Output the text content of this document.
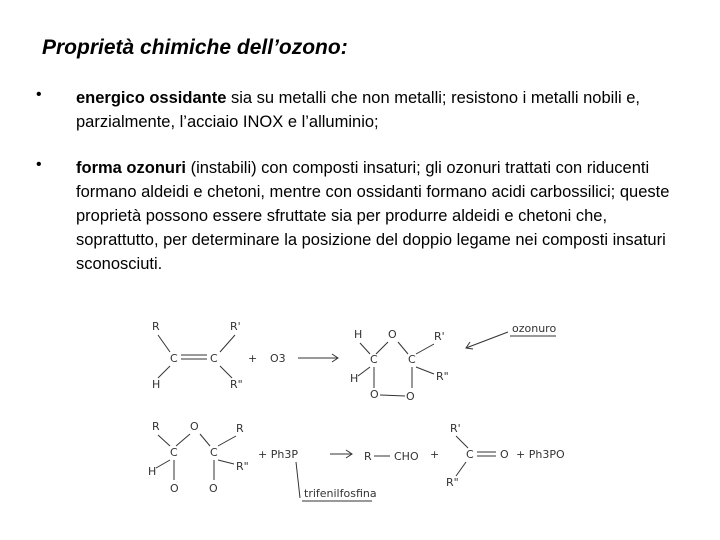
Proprietà chimiche dell’ozono:
• energico ossidante sia su metalli che non metalli; resistono i metalli nobili e, parzialmente, l’acciaio INOX e l’alluminio;
• forma ozonuri (instabili) con composti insaturi; gli ozonuri trattati con riducenti formano aldeidi e chetoni, mentre con ossidanti formano acidi carbossilici; queste proprietà possono essere sfruttate sia per produrre aldeidi e chetoni che, soprattutto, per determinare la posizione del doppio legame nei composti insaturi sconosciuti.
R	R'
C	C
H	R"
+ O3
H O	R'
C	C
H	R"
O O
ozonuro
R	O	R
C	C
H	R"
O	O
+ Ph3P
trifenilfosfina
R CHO +
R'
C O
R"
+ Ph3PO
